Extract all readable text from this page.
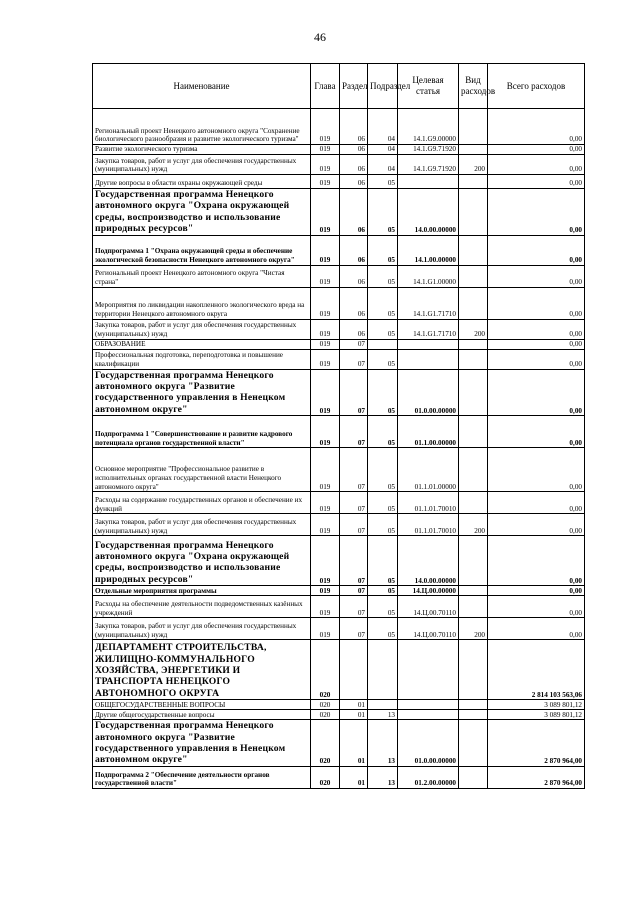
46
Наименование	Глава	Раздел	Подраздел	Целевая статья	Вид расходов	Всего расходов
Региональный проект Ненецкого автономного округа "Сохранение биологического разнообразия и развитие экологического туризма"	019	06	04	14.1.G9.00000		0,00
Развитие экологического туризма	019	06	04	14.1.G9.71920		0,00
Закупка товаров, работ и услуг для обеспечения государственных (муниципальных) нужд	019	06	04	14.1.G9.71920	200	0,00
Другие вопросы в области охраны окружающей среды	019	06	05			0,00
Государственная программа Ненецкого автономного округа "Охрана окружающей среды, воспроизводство и использование природных ресурсов"	019	06	05	14.0.00.00000		0,00
Подпрограмма 1 "Охрана окружающей среды и обеспечение экологической безопасности Ненецкого автономного округа"	019	06	05	14.1.00.00000		0,00
Региональный проект Ненецкого автономного округа "Чистая страна"	019	06	05	14.1.G1.00000		0,00
Мероприятия по ликвидации накопленного экологического вреда на территории Ненецкого автономного округа	019	06	05	14.1.G1.71710		0,00
Закупка товаров, работ и услуг для обеспечения государственных (муниципальных) нужд	019	06	05	14.1.G1.71710	200	0,00
ОБРАЗОВАНИЕ	019	07				0,00
Профессиональная подготовка, переподготовка и повышение квалификации	019	07	05			0,00
Государственная программа Ненецкого автономного округа "Развитие государственного управления в Ненецком автономном округе"	019	07	05	01.0.00.00000		0,00
Подпрограмма 1 "Совершенствование и развитие кадрового потенциала органов государственной власти"	019	07	05	01.1.00.00000		0,00
Основное мероприятие "Профессиональное развитие в исполнительных органах государственной власти Ненецкого автономного округа"	019	07	05	01.1.01.00000		0,00
Расходы на содержание государственных органов и обеспечение их функций	019	07	05	01.1.01.70010		0,00
Закупка товаров, работ и услуг для обеспечения государственных (муниципальных) нужд	019	07	05	01.1.01.70010	200	0,00
Государственная программа Ненецкого автономного округа "Охрана окружающей среды, воспроизводство и использование природных ресурсов"	019	07	05	14.0.00.00000		0,00
Отдельные мероприятия программы	019	07	05	14.Ц.00.00000		0,00
Расходы на обеспечение деятельности подведомственных казённых учреждений	019	07	05	14.Ц.00.70110		0,00
Закупка товаров, работ и услуг для обеспечения государственных (муниципальных) нужд	019	07	05	14.Ц.00.70110	200	0,00
ДЕПАРТАМЕНТ СТРОИТЕЛЬСТВА, ЖИЛИЩНО-КОММУНАЛЬНОГО ХОЗЯЙСТВА, ЭНЕРГЕТИКИ И ТРАНСПОРТА НЕНЕЦКОГО АВТОНОМНОГО ОКРУГА	020					2 814 103 563,06
ОБЩЕГОСУДАРСТВЕННЫЕ ВОПРОСЫ	020	01				3 089 801,12
Другие общегосударственные вопросы	020	01	13			3 089 801,12
Государственная программа Ненецкого автономного округа "Развитие государственного управления в Ненецком автономном округе"	020	01	13	01.0.00.00000		2 870 964,00
Подпрограмма 2 "Обеспечение деятельности органов государственной власти"	020	01	13	01.2.00.00000		2 870 964,00
